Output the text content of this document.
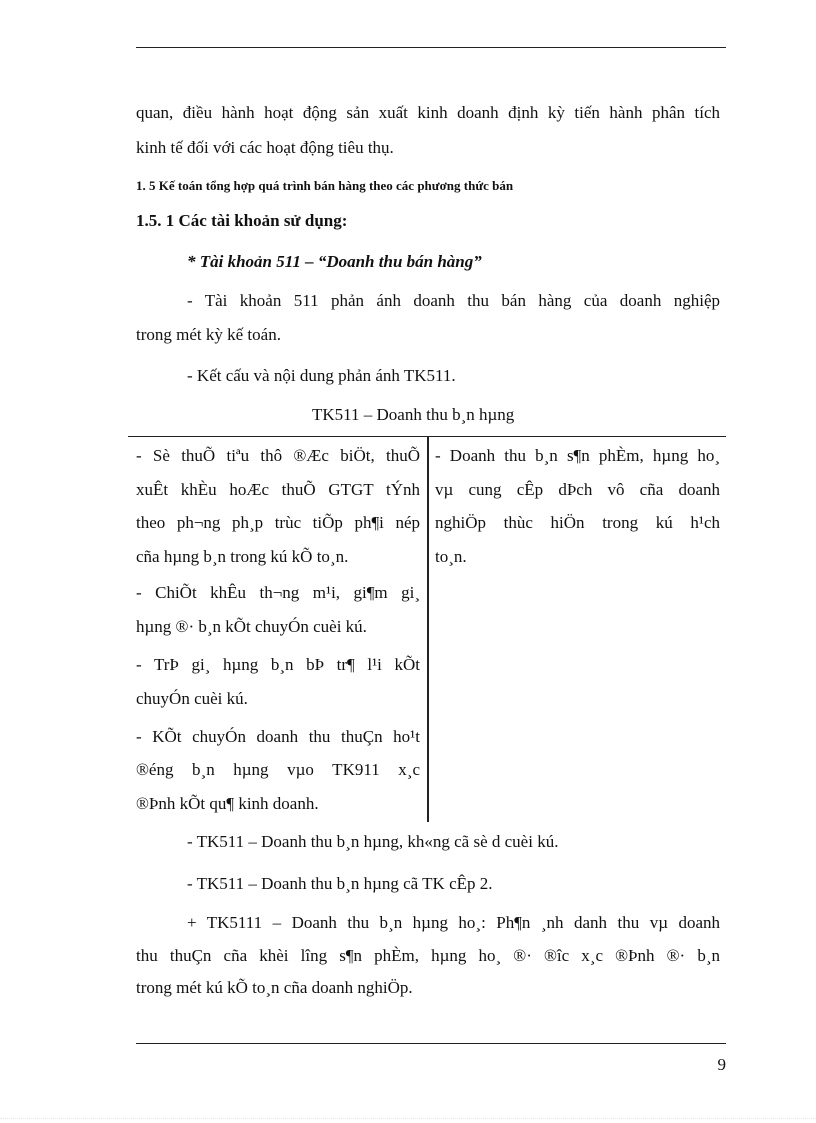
quan, điều hành hoạt động sản xuất kinh doanh định kỳ tiến hành phân tích
kinh tế đối với các hoạt động tiêu thụ.
1. 5 Kế toán tổng hợp quá trình bán hàng theo các phương thức bán
1.5. 1 Các tài khoản sử dụng:
* Tài khoản 511 – “Doanh thu bán hàng”
- Tài khoản 511 phản ánh doanh thu bán hàng của doanh nghiệp
trong mét kỳ kế toán.
- Kết cấu và nội dung phản ánh TK511.
TK511 – Doanh thu b¸n hµng
- Sè thuÕ tiªu thô ®Æc biÖt, thuÕ
xuÊt khÈu hoÆc thuÕ GTGT tÝnh
theo ph¬ng ph¸p trùc tiÕp ph¶i nép
cña hµng b¸n trong kú kÕ to¸n.
- ChiÕt khÊu th¬ng m¹i, gi¶m gi¸
hµng ®· b¸n kÕt chuyÓn cuèi kú.
- TrÞ gi¸ hµng b¸n bÞ tr¶ l¹i kÕt
chuyÓn cuèi kú.
- KÕt chuyÓn doanh thu thuÇn ho¹t
®éng b¸n hµng vµo TK911 x¸c
®Þnh kÕt qu¶ kinh doanh.
- Doanh thu b¸n s¶n phÈm, hµng ho¸
vµ cung cÊp dÞch vô cña doanh
nghiÖp thùc hiÖn trong kú h¹ch
to¸n.
- TK511 – Doanh thu b¸n hµng, kh«ng cã sè d cuèi kú.
- TK511 – Doanh thu b¸n hµng cã TK cÊp 2.
+ TK5111 – Doanh thu b¸n hµng ho¸: Ph¶n ¸nh danh thu vµ doanh
thu thuÇn cña khèi lîng s¶n phÈm, hµng ho¸ ®· ®îc x¸c ®Þnh ®· b¸n
trong mét kú kÕ to¸n cña doanh nghiÖp.
9
